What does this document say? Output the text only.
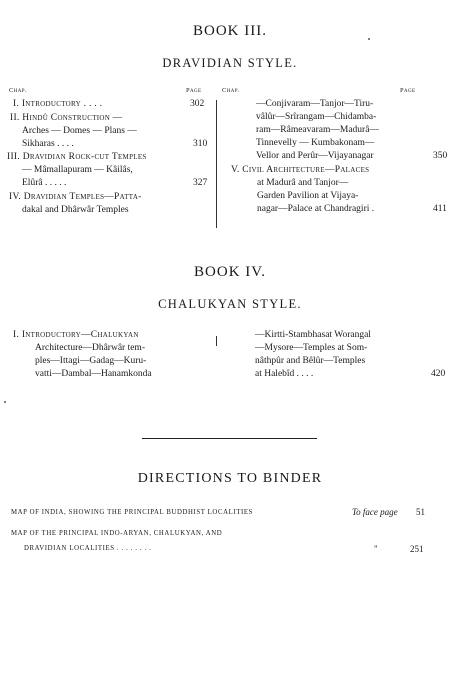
BOOK III.
DRAVIDIAN STYLE.
Chap.	Page	Chap.	Page
I. Introductory . . . .	302
II. Hindû Construction —
Arches — Domes — Plans —
Sikharas . . . .	310
III. Dravidian Rock-cut Temples
— Mâmallapuram — Kâilâs,
Elûrâ . . . . .	327
IV. Dravidian Temples—Patta-
dakal and Dhârwâr Temples
—Conjivaram—Tanjor—Tiru-
vâlûr—Srîrangam—Chidamba-
ram—Râmeavaram—Madurâ—
Tinnevelly — Kumbakonam—
Vellor and Perûr—Vijayanagar	350
V. Civil Architecture—Palaces
at Madurâ and Tanjor—
Garden Pavilion at Vijaya-
nagar—Palace at Chandragiri .	411
BOOK IV.
CHALUKYAN STYLE.
I. Introductory—Chalukyan
Architecture—Dhârwâr tem-
ples—Ittagi—Gadag—Kuru-
vatti—Dambal—Hanamkonda
—Kirtti-Stambhasat Worangal
—Mysore—Temples at Som-
nâthpûr and Bêlûr—Temples
at Halebîd . . . .	420
DIRECTIONS TO BINDER
MAP OF INDIA, SHOWING THE PRINCIPAL BUDDHIST LOCALITIES	To face page 51
MAP OF THE PRINCIPAL INDO-ARYAN, CHALUKYAN, AND
DRAVIDIAN LOCALITIES . . . . . . . .	"	251
